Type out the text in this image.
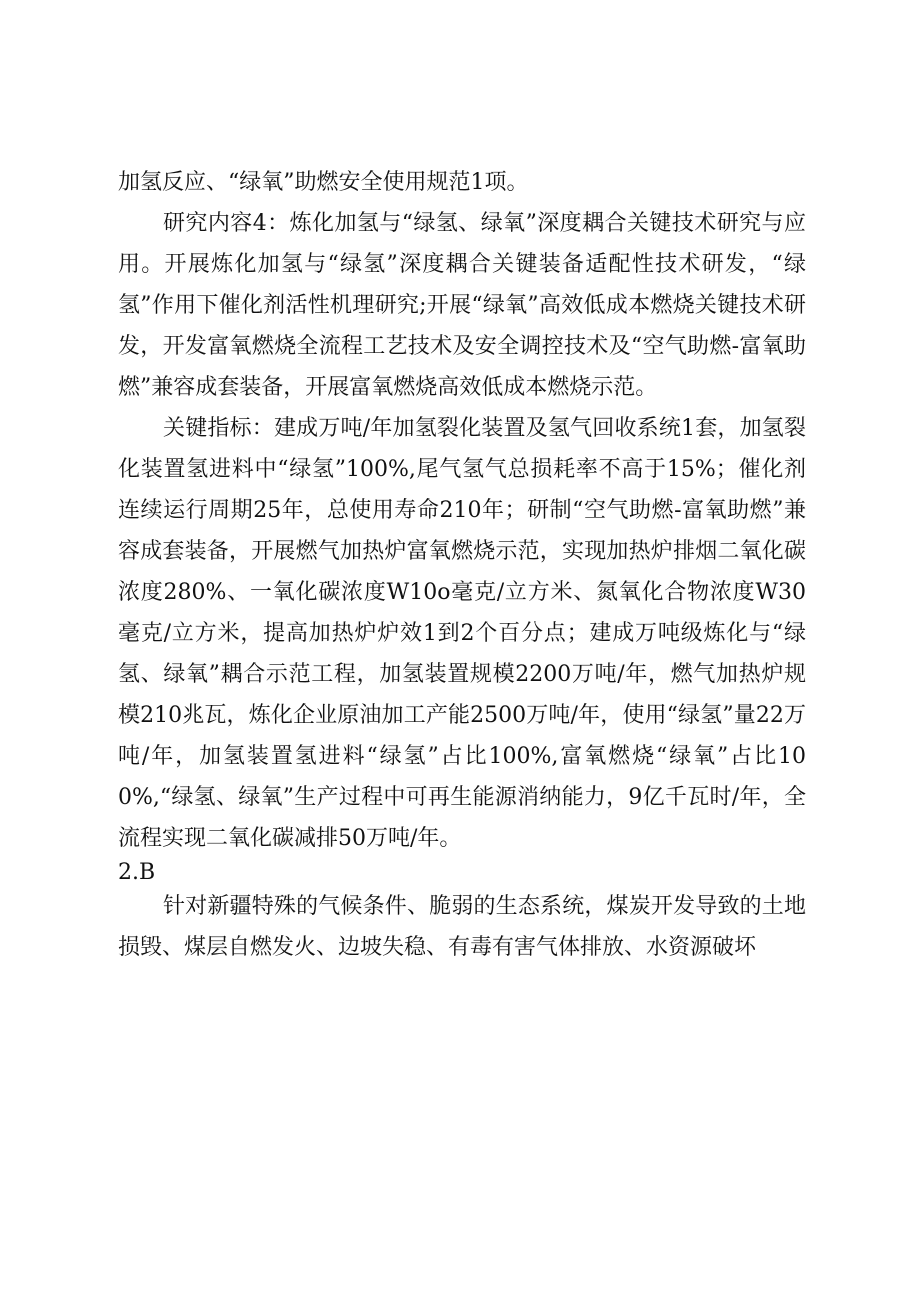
加氢反应、“绿氧”助燃安全使用规范1项。

研究内容4：炼化加氢与“绿氢、绿氧”深度耦合关键技术研究与应用。开展炼化加氢与“绿氢”深度耦合关键装备适配性技术研发，“绿氢”作用下催化剂活性机理研究;开展“绿氧”高效低成本燃烧关键技术研发，开发富氧燃烧全流程工艺技术及安全调控技术及“空气助燃-富氧助燃”兼容成套装备，开展富氧燃烧高效低成本燃烧示范。

关键指标：建成万吨/年加氢裂化装置及氢气回收系统1套，加氢裂化装置氢进料中“绿氢”100%,尾气氢气总损耗率不高于15%；催化剂连续运行周期25年，总使用寿命210年；研制“空气助燃-富氧助燃”兼容成套装备，开展燃气加热炉富氧燃烧示范，实现加热炉排烟二氧化碳浓度280%、一氧化碳浓度W10o毫克/立方米、氮氧化合物浓度W30毫克/立方米，提高加热炉炉效1到2个百分点；建成万吨级炼化与“绿氢、绿氧”耦合示范工程，加氢装置规模2200万吨/年，燃气加热炉规模210兆瓦，炼化企业原油加工产能2500万吨/年，使用“绿氢”量22万吨/年，加氢装置氢进料“绿氢”占比100%,富氧燃烧“绿氧”占比100%,“绿氢、绿氧”生产过程中可再生能源消纳能力，9亿千瓦时/年，全流程实现二氧化碳减排50万吨/年。

2.B

针对新疆特殊的气候条件、脆弱的生态系统，煤炭开发导致的土地损毁、煤层自燃发火、边坡失稳、有毒有害气体排放、水资源破坏
